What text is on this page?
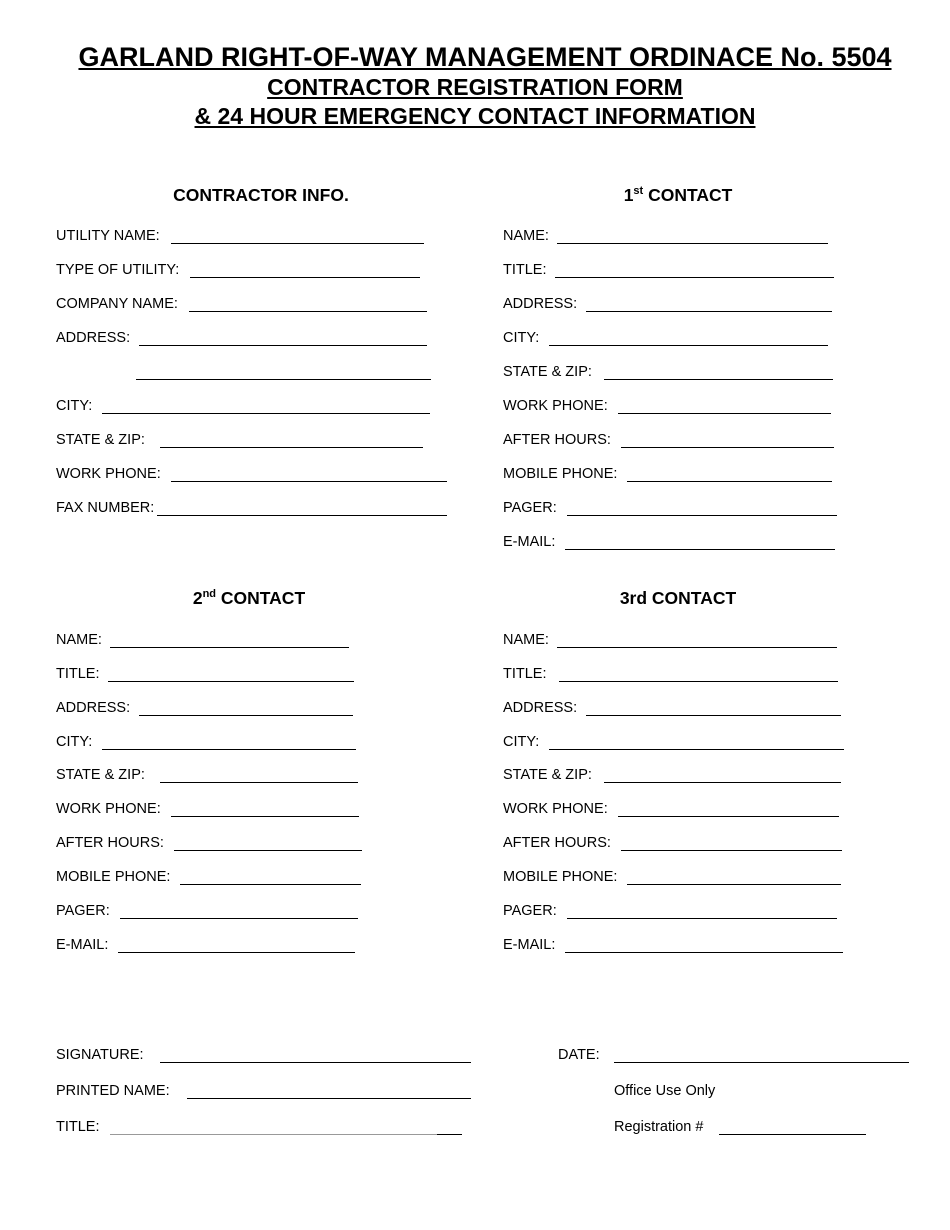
GARLAND RIGHT-OF-WAY MANAGEMENT ORDINACE No. 5504
CONTRACTOR REGISTRATION FORM
& 24 HOUR EMERGENCY CONTACT INFORMATION
CONTRACTOR INFO.	1st CONTACT
2nd CONTACT	3rd CONTACT
UTILITY NAME:
TYPE OF UTILITY:
COMPANY NAME:
ADDRESS:
CITY:
STATE & ZIP:
WORK PHONE:
FAX NUMBER:
NAME:
TITLE:
ADDRESS:
CITY:
STATE & ZIP:
WORK PHONE:
AFTER HOURS:
MOBILE PHONE:
PAGER:
E-MAIL:
NAME:
TITLE:
ADDRESS:
CITY:
STATE & ZIP:
WORK PHONE:
AFTER HOURS:
MOBILE PHONE:
PAGER:
E-MAIL:
NAME:
TITLE:
ADDRESS:
CITY:
STATE & ZIP:
WORK PHONE:
AFTER HOURS:
MOBILE PHONE:
PAGER:
E-MAIL:
SIGNATURE:
PRINTED NAME:
TITLE:
DATE:
Office Use Only
Registration #
